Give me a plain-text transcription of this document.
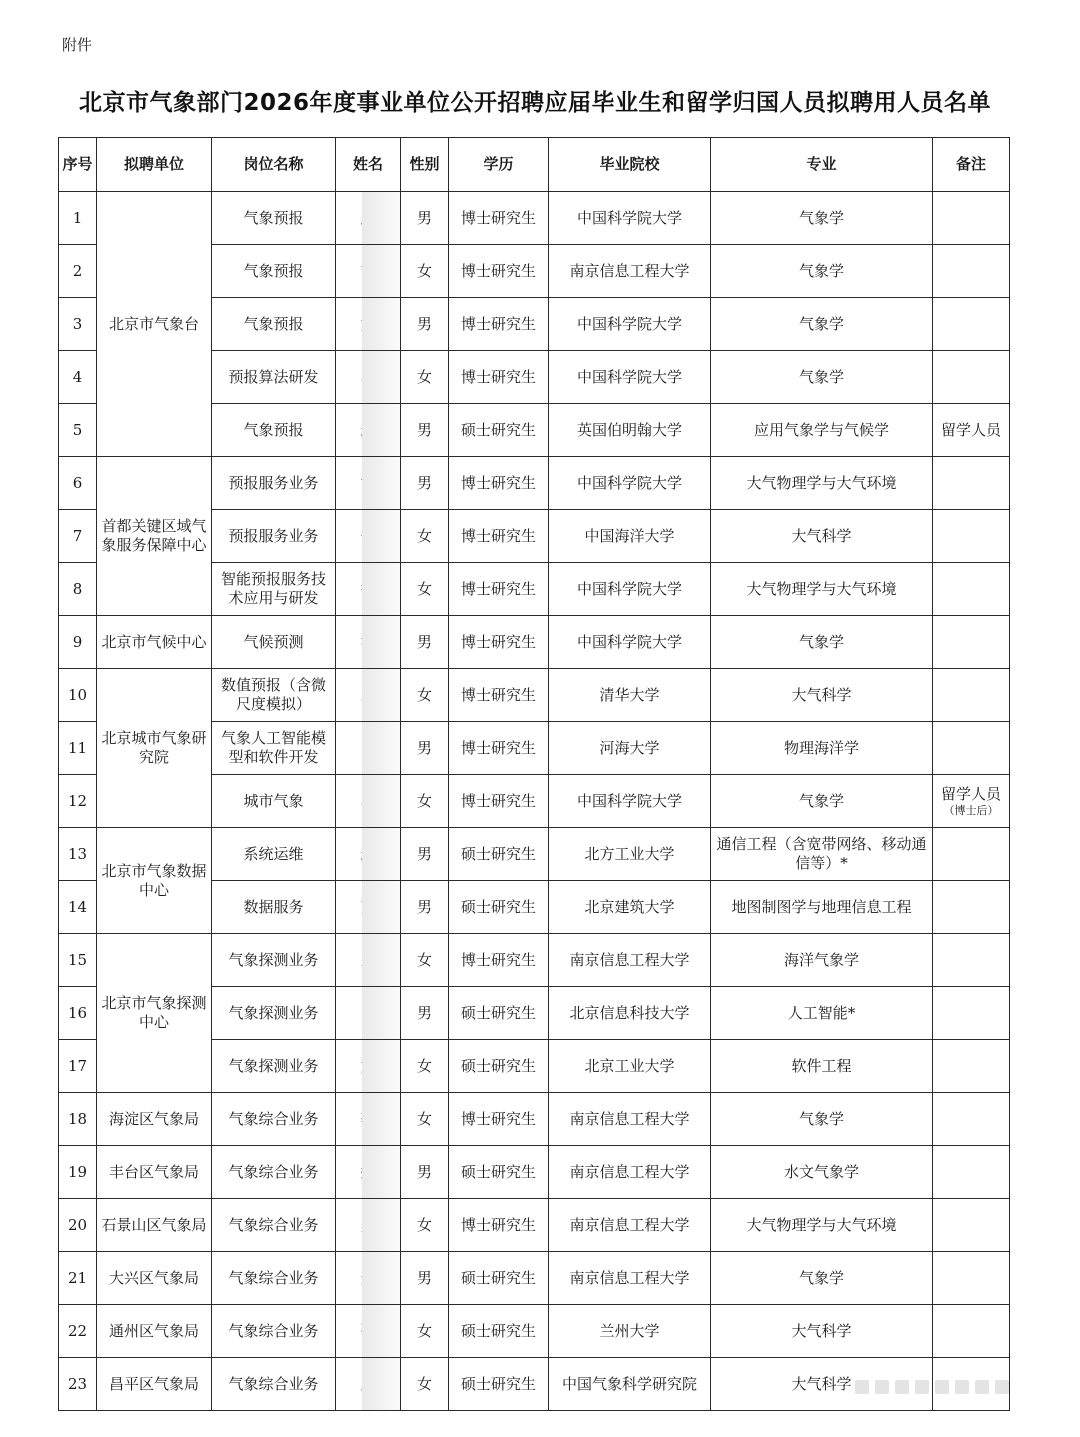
附件
北京市气象部门2026年度事业单位公开招聘应届毕业生和留学归国人员拟聘用人员名单
序号	拟聘单位	岗位名称	姓名	性别	学历	毕业院校	专业	备注
1	北京市气象台	气象预报		男	博士研究生	中国科学院大学	气象学	
2		气象预报		女	博士研究生	南京信息工程大学	气象学	
3		气象预报		男	博士研究生	中国科学院大学	气象学	
4		预报算法研发		女	博士研究生	中国科学院大学	气象学	
5		气象预报		男	硕士研究生	英国伯明翰大学	应用气象学与气候学	留学人员
6	首都关键区域气象服务保障中心	预报服务业务		男	博士研究生	中国科学院大学	大气物理学与大气环境	
7		预报服务业务		女	博士研究生	中国海洋大学	大气科学	
8		智能预报服务技术应用与研发		女	博士研究生	中国科学院大学	大气物理学与大气环境	
9	北京市气候中心	气候预测		男	博士研究生	中国科学院大学	气象学	
10	北京城市气象研究院	数值预报（含微尺度模拟）		女	博士研究生	清华大学	大气科学	
11		气象人工智能模型和软件开发		男	博士研究生	河海大学	物理海洋学	
12		城市气象		女	博士研究生	中国科学院大学	气象学	留学人员
（博士后）

13	北京市气象数据中心	系统运维		男	硕士研究生	北方工业大学	通信工程（含宽带网络、移动通信等）*	
14		数据服务		男	硕士研究生	北京建筑大学	地图制图学与地理信息工程	
15	北京市气象探测中心	气象探测业务		女	博士研究生	南京信息工程大学	海洋气象学	
16		气象探测业务		男	硕士研究生	北京信息科技大学	人工智能*	
17		气象探测业务		女	硕士研究生	北京工业大学	软件工程	
18	海淀区气象局	气象综合业务		女	博士研究生	南京信息工程大学	气象学	
19	丰台区气象局	气象综合业务		男	硕士研究生	南京信息工程大学	水文气象学	
20	石景山区气象局	气象综合业务		女	博士研究生	南京信息工程大学	大气物理学与大气环境	
21	大兴区气象局	气象综合业务		男	硕士研究生	南京信息工程大学	气象学	
22	通州区气象局	气象综合业务		女	硕士研究生	兰州大学	大气科学	
23	昌平区气象局	气象综合业务		女	硕士研究生	中国气象科学研究院	大气科学	
